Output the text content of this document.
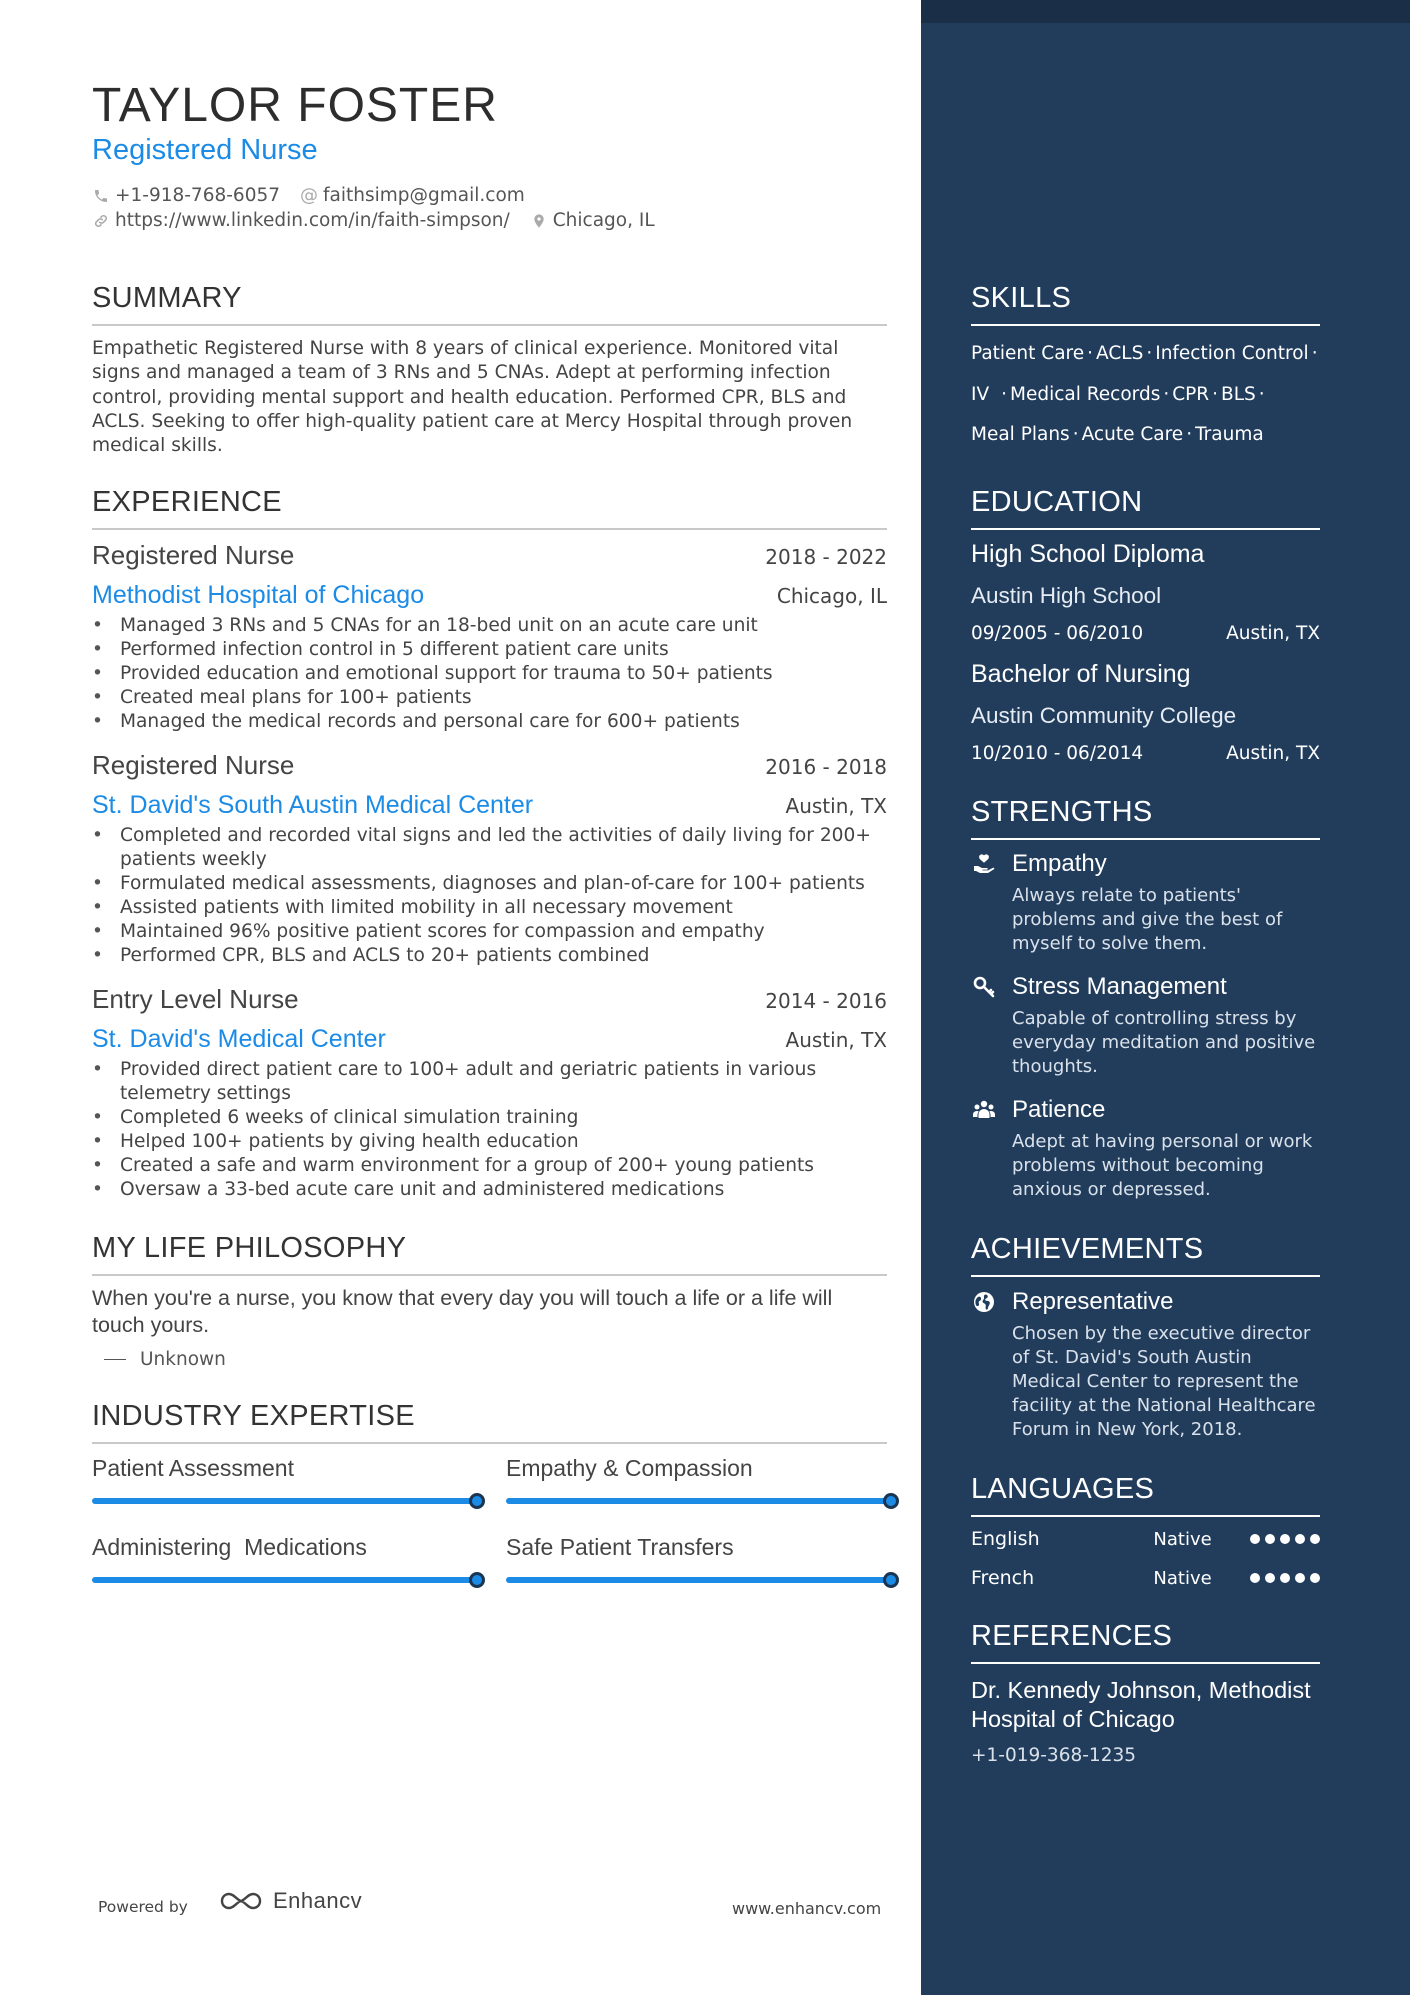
TAYLOR FOSTER
Registered Nurse
+1-918-768-6057 @ faithsimp@gmail.com
https://www.linkedin.com/in/faith-simpson/ Chicago, IL
SUMMARY
Empathetic Registered Nurse with 8 years of clinical experience. Monitored vital signs and managed a team of 3 RNs and 5 CNAs. Adept at performing infection control, providing mental support and health education. Performed CPR, BLS and ACLS. Seeking to offer high-quality patient care at Mercy Hospital through proven medical skills.
EXPERIENCE
Registered Nurse	2018 - 2022
Methodist Hospital of Chicago	Chicago, IL
• Managed 3 RNs and 5 CNAs for an 18-bed unit on an acute care unit
• Performed infection control in 5 different patient care units
• Provided education and emotional support for trauma to 50+ patients
• Created meal plans for 100+ patients
• Managed the medical records and personal care for 600+ patients
Registered Nurse	2016 - 2018
St. David's South Austin Medical Center	Austin, TX
• Completed and recorded vital signs and led the activities of daily living for 200+ patients weekly
• Formulated medical assessments, diagnoses and plan-of-care for 100+ patients
• Assisted patients with limited mobility in all necessary movement
• Maintained 96% positive patient scores for compassion and empathy
• Performed CPR, BLS and ACLS to 20+ patients combined
Entry Level Nurse	2014 - 2016
St. David's Medical Center	Austin, TX
• Provided direct patient care to 100+ adult and geriatric patients in various telemetry settings
• Completed 6 weeks of clinical simulation training
• Helped 100+ patients by giving health education
• Created a safe and warm environment for a group of 200+ young patients
• Oversaw a 33-bed acute care unit and administered medications
MY LIFE PHILOSOPHY
When you're a nurse, you know that every day you will touch a life or a life will touch yours.
Unknown
INDUSTRY EXPERTISE
Patient Assessment	Empathy & Compassion
Administering  Medications	Safe Patient Transfers
Powered by	Enhancv	www.enhancv.com
SKILLS
Patient Care · ACLS · Infection Control ·
IV · Medical Records · CPR · BLS ·
Meal Plans · Acute Care · Trauma
EDUCATION
High School Diploma
Austin High School
09/2005 - 06/2010	Austin, TX
Bachelor of Nursing
Austin Community College
10/2010 - 06/2014	Austin, TX
STRENGTHS
Empathy
Always relate to patients' problems and give the best of myself to solve them.
Stress Management
Capable of controlling stress by everyday meditation and positive thoughts.
Patience
Adept at having personal or work problems without becoming anxious or depressed.
ACHIEVEMENTS
Representative
Chosen by the executive director of St. David's South Austin Medical Center to represent the facility at the National Healthcare Forum in New York, 2018.
LANGUAGES
English	Native
French	Native
REFERENCES
Dr. Kennedy Johnson, Methodist Hospital of Chicago
+1-019-368-1235
